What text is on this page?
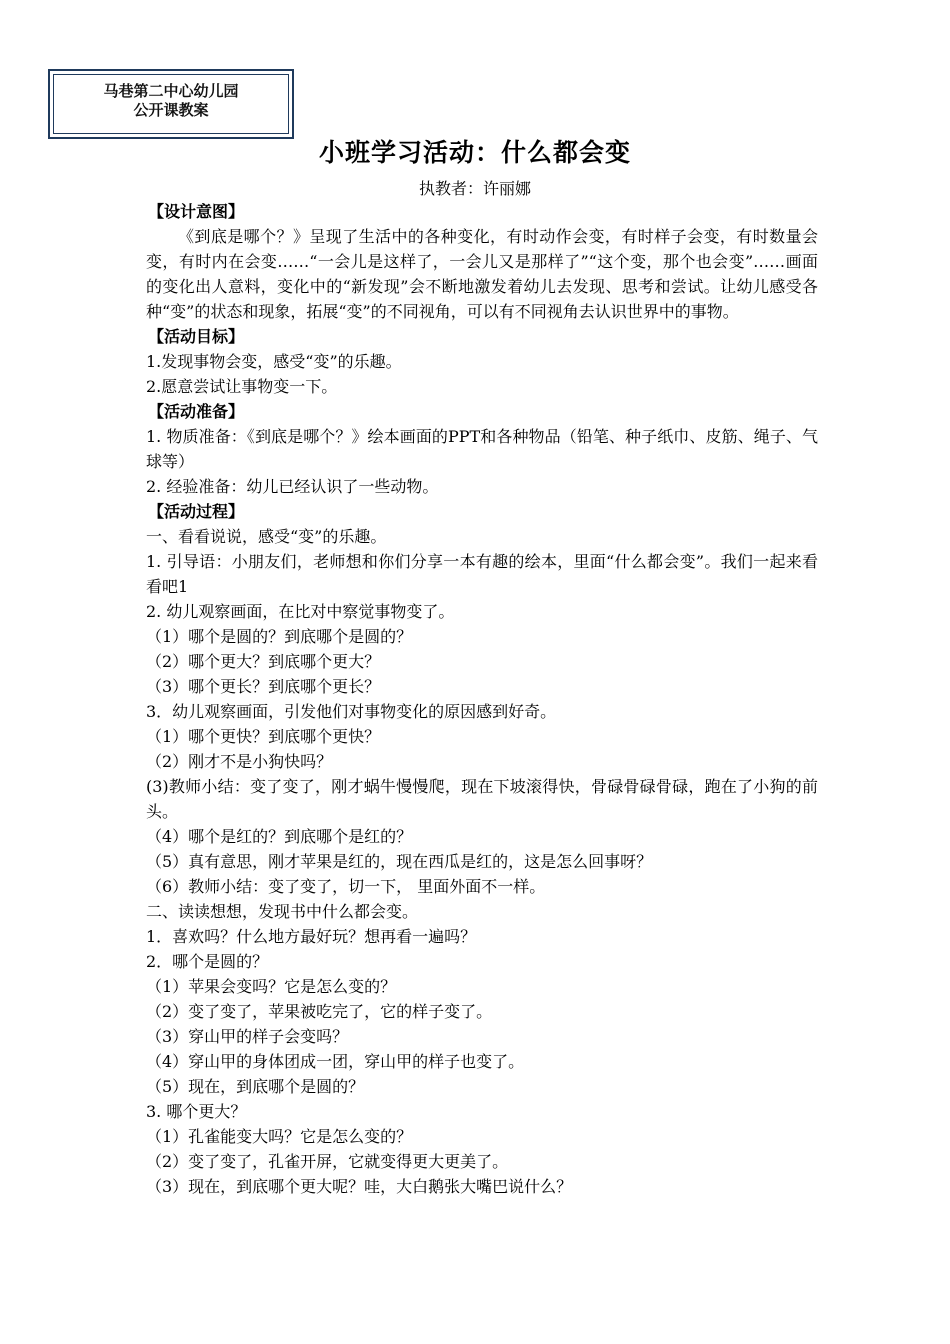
马巷第二中心幼儿园
公开课教案
小班学习活动：什么都会变
执教者：许丽娜
【设计意图】
《到底是哪个？》呈现了生活中的各种变化，有时动作会变，有时样子会变，有时数量会变，有时内在会变……“一会儿是这样了，一会儿又是那样了”“这个变，那个也会变”……画面的变化出人意料，变化中的“新发现”会不断地激发着幼儿去发现、思考和尝试。让幼儿感受各种“变”的状态和现象，拓展“变”的不同视角，可以有不同视角去认识世界中的事物。
【活动目标】
1.发现事物会变，感受“变”的乐趣。
2.愿意尝试让事物变一下。
【活动准备】
1. 物质准备：《到底是哪个？》绘本画面的PPT和各种物品（铅笔、种子纸巾、皮筋、绳子、气球等）
2. 经验准备：幼儿已经认识了一些动物。
【活动过程】
一、看看说说，感受“变”的乐趣。
1. 引导语：小朋友们，老师想和你们分享一本有趣的绘本，里面“什么都会变”。我们一起来看看吧1
2. 幼儿观察画面，在比对中察觉事物变了。
（1）哪个是圆的？到底哪个是圆的？
（2）哪个更大？到底哪个更大？
（3）哪个更长？到底哪个更长？
3．幼儿观察画面，引发他们对事物变化的原因感到好奇。
（1）哪个更快？到底哪个更快？
（2）刚才不是小狗快吗？
(3)教师小结：变了变了，刚才蜗牛慢慢爬，现在下坡滚得快，骨碌骨碌骨碌，跑在了小狗的前头。
（4）哪个是红的？到底哪个是红的？
（5）真有意思，刚才苹果是红的，现在西瓜是红的，这是怎么回事呀？
（6）教师小结：变了变了，切一下， 里面外面不一样。
二、读读想想，发现书中什么都会变。
1．喜欢吗？什么地方最好玩？想再看一遍吗？
2．哪个是圆的？
（1）苹果会变吗？它是怎么变的？
（2）变了变了，苹果被吃完了，它的样子变了。
（3）穿山甲的样子会变吗？
（4）穿山甲的身体团成一团，穿山甲的样子也变了。
（5）现在，到底哪个是圆的？
3. 哪个更大？
（1）孔雀能变大吗？它是怎么变的？
（2）变了变了，孔雀开屏，它就变得更大更美了。
（3）现在，到底哪个更大呢？哇，大白鹅张大嘴巴说什么？
